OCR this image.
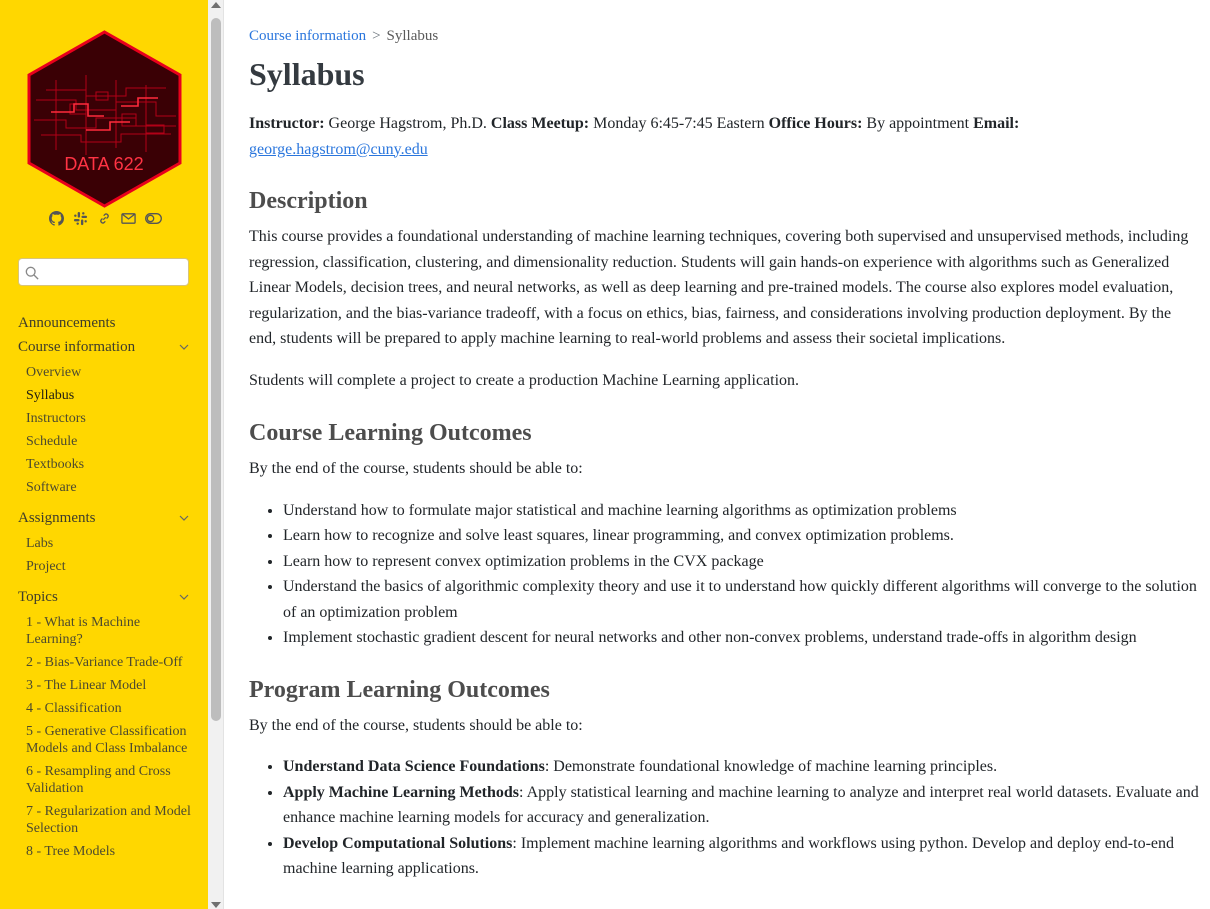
DATA 622
Announcements
Course information
Overview
Syllabus
Instructors
Schedule
Textbooks
Software
Assignments
Labs
Project
Topics
1 - What is Machine Learning?
2 - Bias-Variance Trade-Off
3 - The Linear Model
4 - Classification
5 - Generative Classification Models and Class Imbalance
6 - Resampling and Cross Validation
7 - Regularization and Model Selection
8 - Tree Models
Course information > Syllabus
Syllabus

Instructor: George Hagstrom, Ph.D. Class Meetup: Monday 6:45-7:45 Eastern Office Hours: By appointment Email: george.hagstrom@cuny.edu

Description

This course provides a foundational understanding of machine learning techniques, covering both supervised and unsupervised methods, including regression, classification, clustering, and dimensionality reduction. Students will gain hands-on experience with algorithms such as Generalized Linear Models, decision trees, and neural networks, as well as deep learning and pre-trained models. The course also explores model evaluation, regularization, and the bias-variance tradeoff, with a focus on ethics, bias, fairness, and considerations involving production deployment. By the end, students will be prepared to apply machine learning to real-world problems and assess their societal implications.

Students will complete a project to create a production Machine Learning application.

Course Learning Outcomes

By the end of the course, students should be able to:

• Understand how to formulate major statistical and machine learning algorithms as optimization problems
• Learn how to recognize and solve least squares, linear programming, and convex optimization problems.
• Learn how to represent convex optimization problems in the CVX package
• Understand the basics of algorithmic complexity theory and use it to understand how quickly different algorithms will converge to the solution of an optimization problem
• Implement stochastic gradient descent for neural networks and other non-convex problems, understand trade-offs in algorithm design
Program Learning Outcomes

By the end of the course, students should be able to:

• Understand Data Science Foundations: Demonstrate foundational knowledge of machine learning principles.
• Apply Machine Learning Methods: Apply statistical learning and machine learning to analyze and interpret real world datasets. Evaluate and enhance machine learning models for accuracy and generalization.
• Develop Computational Solutions: Implement machine learning algorithms and workflows using python. Develop and deploy end-to-end machine learning applications.
